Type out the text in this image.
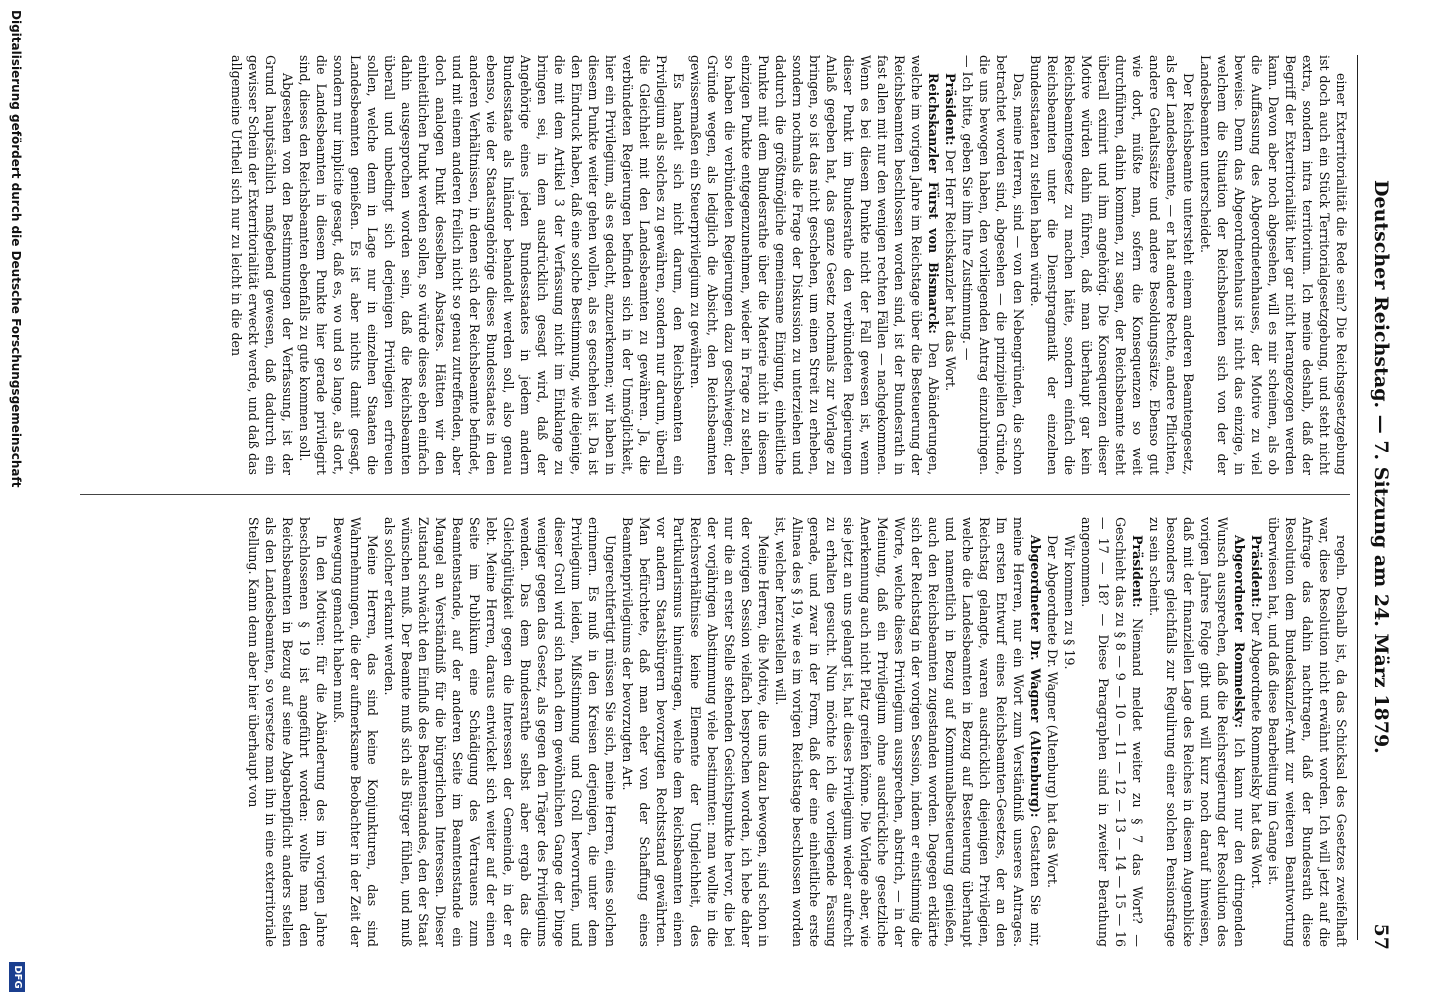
Deutscher Reichstag. — 7. Sitzung am 24. März 1879.
57

einer Exterritorialität die Rede sein? Die Reichsgesetzgebung ist doch auch ein Stück Territorialgesetzgebung, und steht nicht extra, sondern intra territorium. Ich meine deshalb, daß der Begriff der Exterritorialität hier gar nicht herangezogen werden kann. Davon aber noch abgesehen, will es mir scheinen, als ob die Auffassung des Abgeordnetenhauses, der Motive zu viel beweise. Denn das Abgeordnetenhaus ist nicht das einzige, in welchem die Situation der Reichsbeamten sich von der der Landesbeamten unterscheidet.

Der Reichsbeamte untersteht einem anderen Beamtengesetz, als der Landesbeamte, — er hat andere Rechte, andere Pflichten, andere Gehaltssätze und andere Besoldungssätze. Ebenso gut wie dort, müßte man, sofern die Konsequenzen so weit durchführen, dahin kommen, zu sagen, der Reichsbeamte steht überall eximirt und ihm angehörig. Die Konsequenzen dieser Motive würden dahin führen, daß man überhaupt gar kein Reichsbeamtengesetz zu machen hätte, sondern einfach die Reichsbeamten unter die Dienstpragmatik der einzelnen Bundesstaaten zu stellen haben würde.

Das, meine Herren, sind — von den Nebengründen, die schon betrachtet worden sind, abgesehen — die prinzipiellen Gründe, die uns bewogen haben, den vorliegenden Antrag einzubringen. — Ich bitte, geben Sie ihm Ihre Zustimmung. —

Präsident: Der Herr Reichskanzler hat das Wort.

Reichskanzler Fürst von Bismarck: Den Abänderungen, welche im vorigen Jahre im Reichstage über die Besteuerung der Reichsbeamten beschlossen worden sind, ist der Bundesrath in fast allen mit nur den wenigen rechten Fällen — nachgekommen. Wenn es bei diesem Punkte nicht der Fall gewesen ist, wenn dieser Punkt im Bundesrathe den verbündeten Regierungen Anlaß gegeben hat, das ganze Gesetz nochmals zur Vorlage zu bringen, so ist das nicht geschehen, um einen Streit zu erheben, sondern nochmals die Frage der Diskussion zu unterziehen und dadurch die größtmögliche gemeinsame Einigung, einheitliche Punkte mit dem Bundesrathe über die Materie nicht in diesem einzigen Punkte entgegenzunehmen, wieder in Frage zu stellen, so haben die verbündeten Regierungen dazu geschwiegen; der Gründe wegen, als lediglich die Absicht, den Reichsbeamten gewissermaßen ein Steuerprivilegium zu gewähren.

Es handelt sich nicht darum, den Reichsbeamten ein Privilegium als solches zu gewähren, sondern nur darum, überall die Gleichheit mit den Landesbeamten zu gewähren. Ja, die verbündeten Regierungen befinden sich in der Unmöglichkeit, hier ein Privilegium, als es gedacht, anzuerkennen; wir haben in diesem Punkte weiter gehen wollen, als es geschehen ist. Da ist den Eindruck haben, daß eine solche Bestimmung, wie diejenige, die mit dem Artikel 3 der Verfassung nicht im Einklange zu bringen sei, in dem ausdrücklich gesagt wird, daß der Angehörige eines jeden Bundesstaates in jedem andern Bundesstaate als Inländer behandelt werden soll, also genau ebenso, wie der Staatsangehörige dieses Bundesstaates in den anderen Verhältnissen, in denen sich der Reichsbeamte befindet, und mit einem anderen freilich nicht so genau zutreffenden, aber doch analogen Punkt desselben Absatzes. Hätten wir den einheitlichen Punkt werden sollen, so würde dieses eben einfach dahin ausgesprochen worden sein, daß die Reichsbeamten überall und unbedingt sich derjenigen Privilegien erfreuen sollen, welche denn in Lage nur in einzelnen Staaten die Landesbeamten genießen. Es ist aber nichts damit gesagt, sondern nur implicite gesagt, daß es, wo und so lange, als dort, die Landesbeamten in diesem Punkte hier gerade privilegirt sind, dieses den Reichsbeamten ebenfalls zu gute kommen soll.

Abgesehen von den Bestimmungen der Verfassung, ist der Grund hauptsächlich maßgebend gewesen, daß dadurch ein gewisser Schein der Exterritorialität erweckt werde, und daß das allgemeine Urtheil sich nur zu leicht in die den

regeln. Deshalb ist, da das Schicksal des Gesetzes zweifelhaft war, diese Resolution nicht erwähnt worden. Ich will jetzt auf die Anfrage das dahin nachtragen, daß der Bundesrath diese Resolution dem Bundeskanzler-Amt zur weiteren Beantwortung überwiesen hat, und daß diese Bearbeitung im Gange ist.

Präsident: Der Abgeordnete Rommelsky hat das Wort.

Abgeordneter Rommelsky: Ich kann nur den dringenden Wunsch aussprechen, daß die Reichsregierung der Resolution des vorigen Jahres Folge gibt und will kurz noch darauf hinweisen, daß mit der finanziellen Lage des Reiches in diesem Augenblicke besonders gleichfalls zur Regulirung einer solchen Pensionsfrage zu sein scheint.

Präsident: Niemand meldet weiter zu § 7 das Wort? — Geschieht das zu § 8 — 9 — 10 — 11 — 12 — 13 — 14 — 15 — 16 — 17 — 18? — Diese Paragraphen sind in zweiter Berathung angenommen.

Wir kommen zu § 19.

Der Abgeordnete Dr. Wagner (Altenburg) hat das Wort.

Abgeordneter Dr. Wagner (Altenburg): Gestatten Sie mir, meine Herren, nur ein Wort zum Verständniß unseres Antrages. Im ersten Entwurf eines Reichsbeamten-Gesetzes, der an den Reichstag gelangte, waren ausdrücklich diejenigen Privilegien, welche die Landesbeamten in Bezug auf Besteuerung überhaupt und namentlich in Bezug auf Kommunalbesteuerung genießen, auch den Reichsbeamten zugestanden worden. Dagegen erklärte sich der Reichstag in der vorigen Session, indem er einstimmig die Worte, welche dieses Privilegium aussprechen, abstrich, — in der Meinung, daß ein Privilegium ohne ausdrückliche gesetzliche Anerkennung auch nicht Platz greifen könne. Die Vorlage aber, wie sie jetzt an uns gelangt ist, hat dieses Privilegium wieder aufrecht zu erhalten gesucht. Nun möchte ich die vorliegende Fassung gerade, und zwar in der Form, daß der eine einheitliche erste Alinea des § 19, wie es im vorigen Reichstage beschlossen worden ist, welcher herzustellen will.

Meine Herren, die Motive, die uns dazu bewogen, sind schon in der vorigen Session vielfach besprochen worden, ich hebe daher nur die an erster Stelle stehenden Gesichtspunkte hervor, die bei der vorjährigen Abstimmung viele bestimmten: man wollte in die Reichsverhältnisse keine Elemente der Ungleichheit, des Partikularismus hineintragen, welche dem Reichsbeamten einen vor andern Staatsbürgern bevorzugten Rechtsstand gewährten. Man befürchtete, daß man eher von der Schaffung eines Beamtenprivilegiums der bevorzugten Art.

Ungerechtfertigt müssen Sie sich, meine Herren, eines solchen erinnern. Es muß in den Kreisen derjenigen, die unter dem Privilegium leiden, Mißstimmung und Groll hervorrufen, und dieser Groll wird sich nach dem gewöhnlichen Gange der Dinge weniger gegen das Gesetz, als gegen den Träger des Privilegiums wenden. Das dem Bundesrathe selbst aber ergab das die Gleichgültigkeit gegen die Interessen der Gemeinde, in der er lebt. Meine Herren, daraus entwickelt sich weiter auf der einen Seite im Publikum eine Schädigung des Vertrauens zum Beamtenstande, auf der anderen Seite im Beamtenstande ein Mangel an Verständniß für die bürgerlichen Interessen. Dieser Zustand schwächt den Einfluß des Beamtenstandes, den der Staat wünschen muß. Der Beamte muß sich als Bürger fühlen, und muß als solcher erkannt werden.

Meine Herren, das sind keine Konjunkturen, das sind Wahrnehmungen, die der aufmerksame Beobachter in der Zeit der Bewegung gemacht haben muß.

In den Motiven: für die Abänderung des im vorigen Jahre beschlossenen § 19 ist angeführt worden: wollte man den Reichsbeamten in Bezug auf seine Abgabenpflicht anders stellen als den Landesbeamten, so versetze man ihn in eine exterritoriale Stellung. Kann denn aber hier überhaupt von

Digitalisierung gefördert durch die Deutsche Forschungsgemeinschaft
DFG
